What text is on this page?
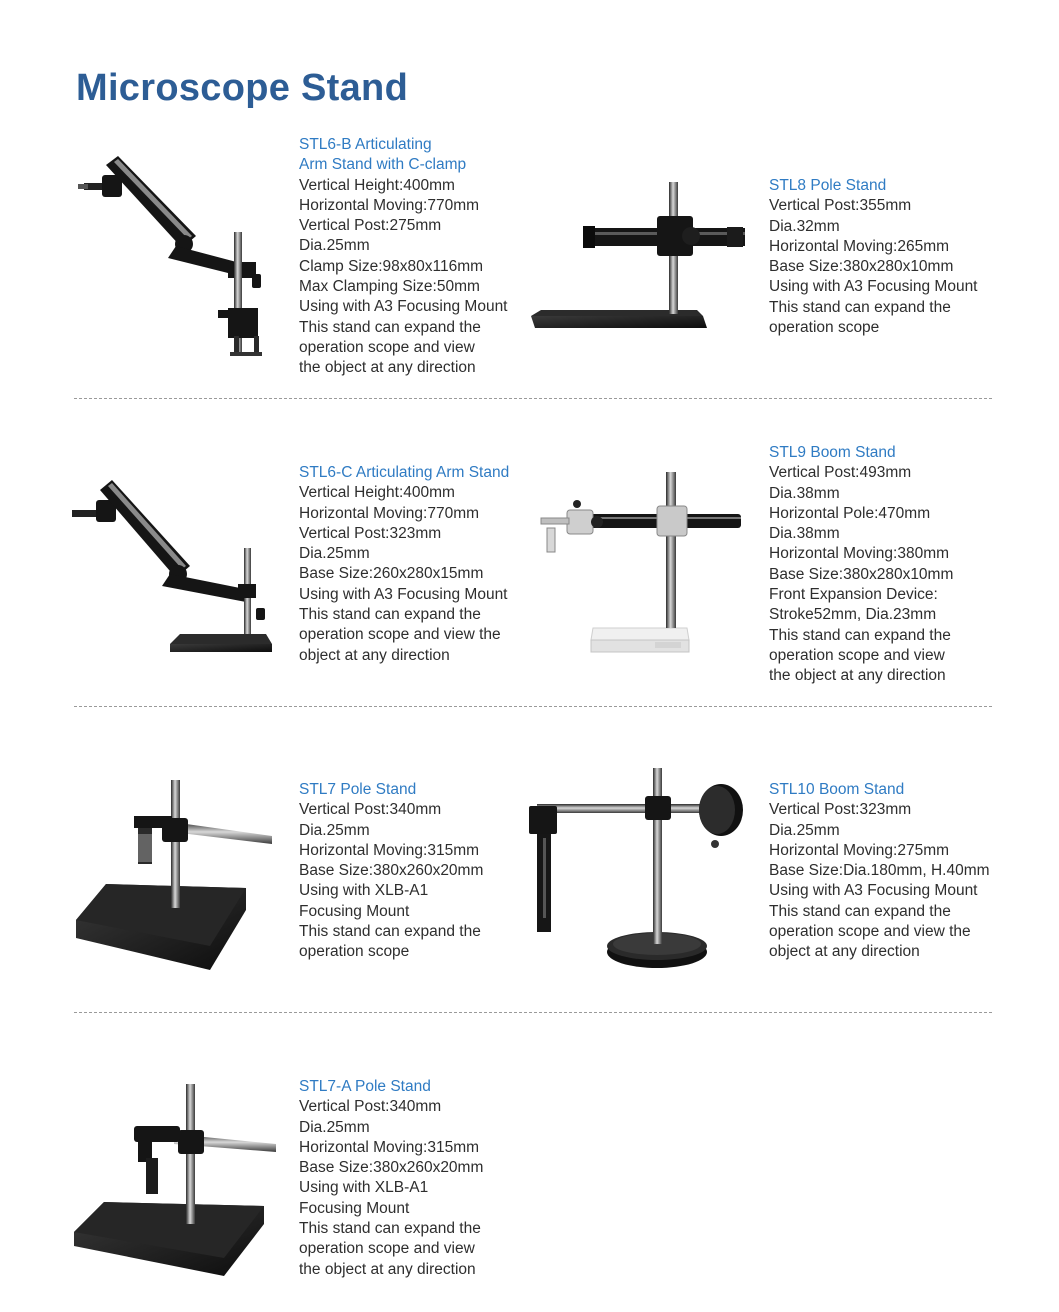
Microscope Stand
STL6-B Articulating
Arm Stand with C-clamp
Vertical Height:400mm
Horizontal Moving:770mm
Vertical Post:275mm
Dia.25mm
Clamp Size:98x80x116mm
Max Clamping Size:50mm
Using with A3 Focusing Mount
This stand can expand the
operation scope and view
the object at any direction
STL8 Pole Stand
Vertical Post:355mm
Dia.32mm
Horizontal Moving:265mm
Base Size:380x280x10mm
Using with A3 Focusing Mount
This stand can expand the
operation scope
STL6-C Articulating Arm Stand
Vertical Height:400mm
Horizontal Moving:770mm
Vertical Post:323mm
Dia.25mm
Base Size:260x280x15mm
Using with A3 Focusing Mount
This stand can expand the
operation scope and view the
object at any direction
STL9 Boom Stand
Vertical Post:493mm
Dia.38mm
Horizontal Pole:470mm
Dia.38mm
Horizontal Moving:380mm
Base Size:380x280x10mm
Front Expansion Device:
Stroke52mm, Dia.23mm
This stand can expand the
operation scope and view
the object at any direction
STL7 Pole Stand
Vertical Post:340mm
Dia.25mm
Horizontal Moving:315mm
Base Size:380x260x20mm
Using with XLB-A1
Focusing Mount
This stand can expand the
operation scope
STL10 Boom Stand
Vertical Post:323mm
Dia.25mm
Horizontal Moving:275mm
Base Size:Dia.180mm, H.40mm
Using with A3 Focusing Mount
This stand can expand the
operation scope and view the
object at any direction
STL7-A Pole Stand
Vertical Post:340mm
Dia.25mm
Horizontal Moving:315mm
Base Size:380x260x20mm
Using with XLB-A1
Focusing Mount
This stand can expand the
operation scope and view
the object at any direction
